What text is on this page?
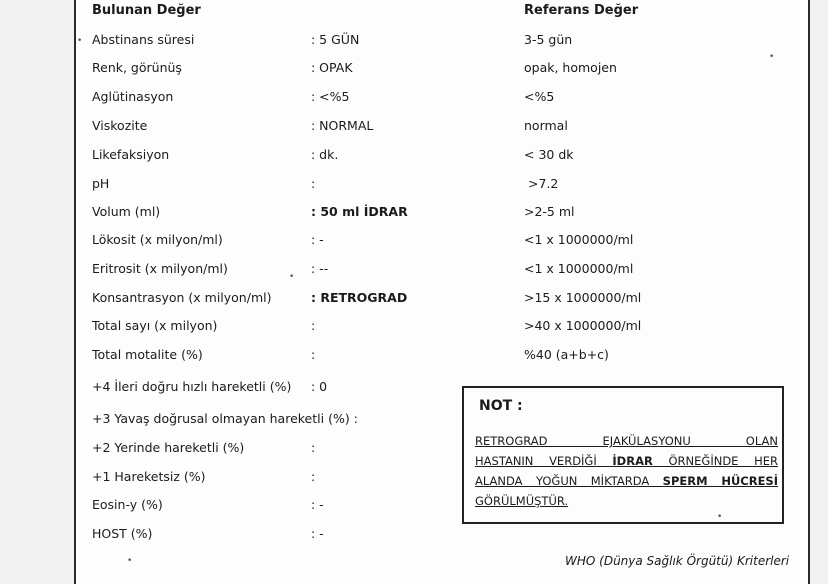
Bulunan Değer	Referans Değer
Abstinans süresi	: 5 GÜN	3-5 gün
Renk, görünüş	: OPAK	opak, homojen
Aglütinasyon	: <%5	<%5
Viskozite	: NORMAL	normal
Likefaksiyon	: dk.	< 30 dk
pH	:	>7.2
Volum (ml)	: 50 ml İDRAR	>2-5 ml
Lökosit (x milyon/ml)	: -	<1 x 1000000/ml
Eritrosit (x milyon/ml)	: --	<1 x 1000000/ml
Konsantrasyon (x milyon/ml)	: RETROGRAD	>15 x 1000000/ml
Total sayı (x milyon)	:	>40 x 1000000/ml
Total motalite (%)	:	%40 (a+b+c)
+4 İleri doğru hızlı hareketli (%) : 0
+3 Yavaş doğrusal olmayan hareketli (%) :
+2 Yerinde hareketli (%)	:
+1 Hareketsiz (%)	:
Eosin-y (%)	: -
HOST (%)	: -
NOT :
RETROGRAD EJAKÜLASYONU OLAN
HASTANIN VERDİĞİ İDRAR ÖRNEĞİNDE HER
ALANDA YOĞUN MİKTARDA SPERM HÜCRESİ
GÖRÜLMÜŞTÜR.
WHO (Dünya Sağlık Örgütü) Kriterleri
•
•
•
•
•
